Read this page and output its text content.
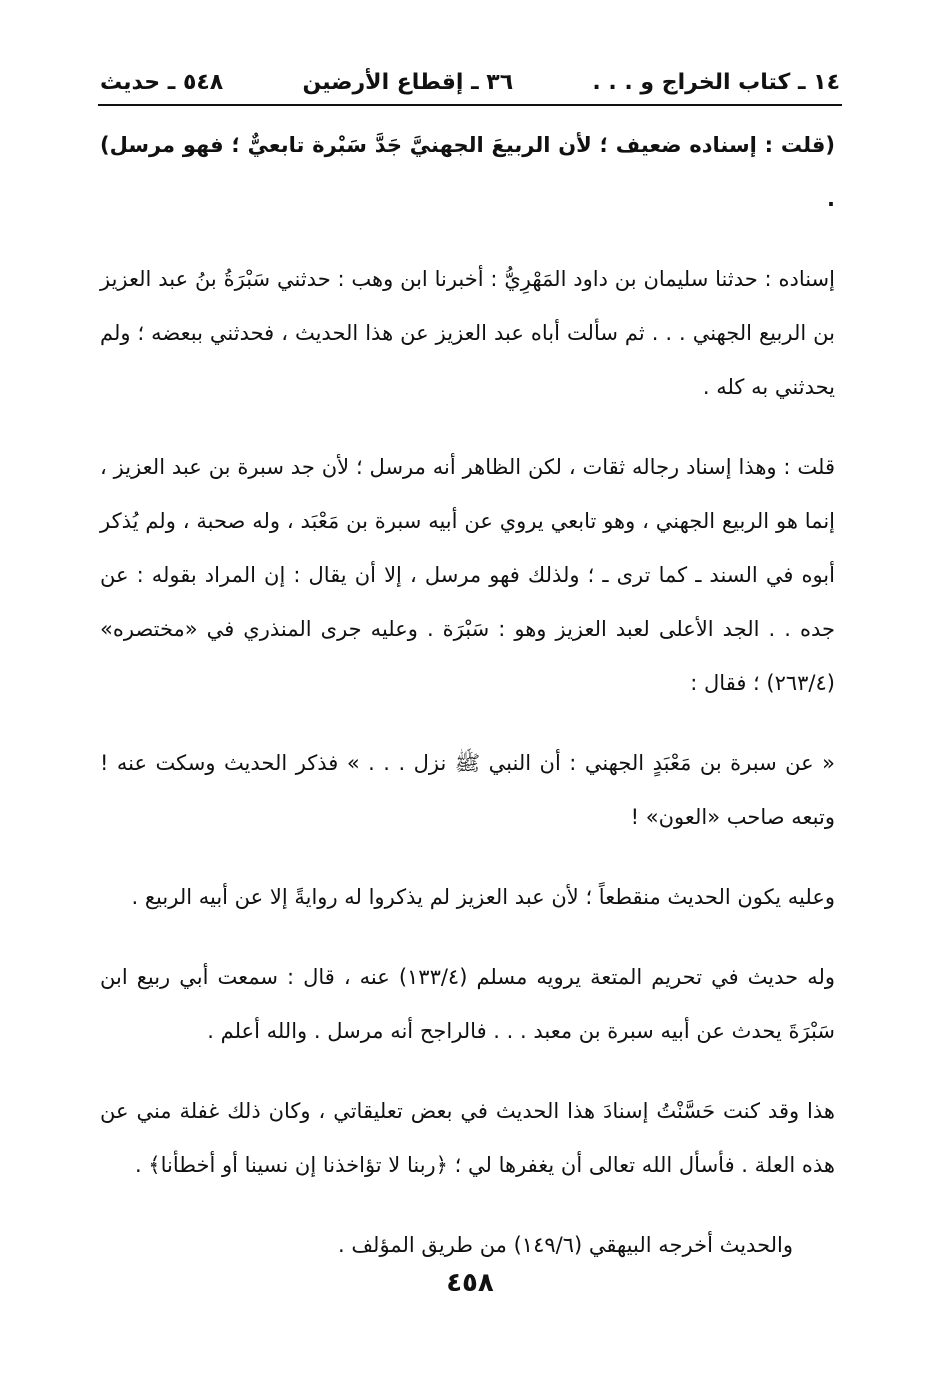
١٤ ـ كتاب الخراج و . . .
٣٦ ـ إقطاع الأرضين
٥٤٨ ـ حديث

(قلت : إسناده ضعيف ؛ لأن الربيعَ الجهنيَّ جَدَّ سَبْرة تابعيٌّ ؛ فهو مرسل) .

إسناده : حدثنا سليمان بن داود المَهْرِيُّ : أخبرنا ابن وهب : حدثني سَبْرَةُ بنُ عبد العزيز بن الربيع الجهني . . . ثم سألت أباه عبد العزيز عن هذا الحديث ، فحدثني ببعضه ؛ ولم يحدثني به كله .

قلت : وهذا إسناد رجاله ثقات ، لكن الظاهر أنه مرسل ؛ لأن جد سبرة بن عبد العزيز ، إنما هو الربيع الجهني ، وهو تابعي يروي عن أبيه سبرة بن مَعْبَد ، وله صحبة ، ولم يُذكر أبوه في السند ـ كما ترى ـ ؛ ولذلك فهو مرسل ، إلا أن يقال : إن المراد بقوله : عن جده . . الجد الأعلى لعبد العزيز وهو : سَبْرَة . وعليه جرى المنذري في «مختصره» (٢٦٣/٤) ؛ فقال :

« عن سبرة بن مَعْبَدٍ الجهني : أن النبي ﷺ نزل . . . » فذكر الحديث وسكت عنه ! وتبعه صاحب «العون» !

وعليه يكون الحديث منقطعاً ؛ لأن عبد العزيز لم يذكروا له روايةً إلا عن أبيه الربيع .

وله حديث في تحريم المتعة يرويه مسلم (١٣٣/٤) عنه ، قال : سمعت أبي ربيع ابن سَبْرَةَ يحدث عن أبيه سبرة بن معبد . . . فالراجح أنه مرسل . والله أعلم .

هذا وقد كنت حَسَّنْتُ إسنادَ هذا الحديث في بعض تعليقاتي ، وكان ذلك غفلة مني عن هذه العلة . فأسأل الله تعالى أن يغفرها لي ؛ ﴿ربنا لا تؤاخذنا إن نسينا أو أخطأنا﴾ .

والحديث أخرجه البيهقي (١٤٩/٦) من طريق المؤلف .

٤٥٨
